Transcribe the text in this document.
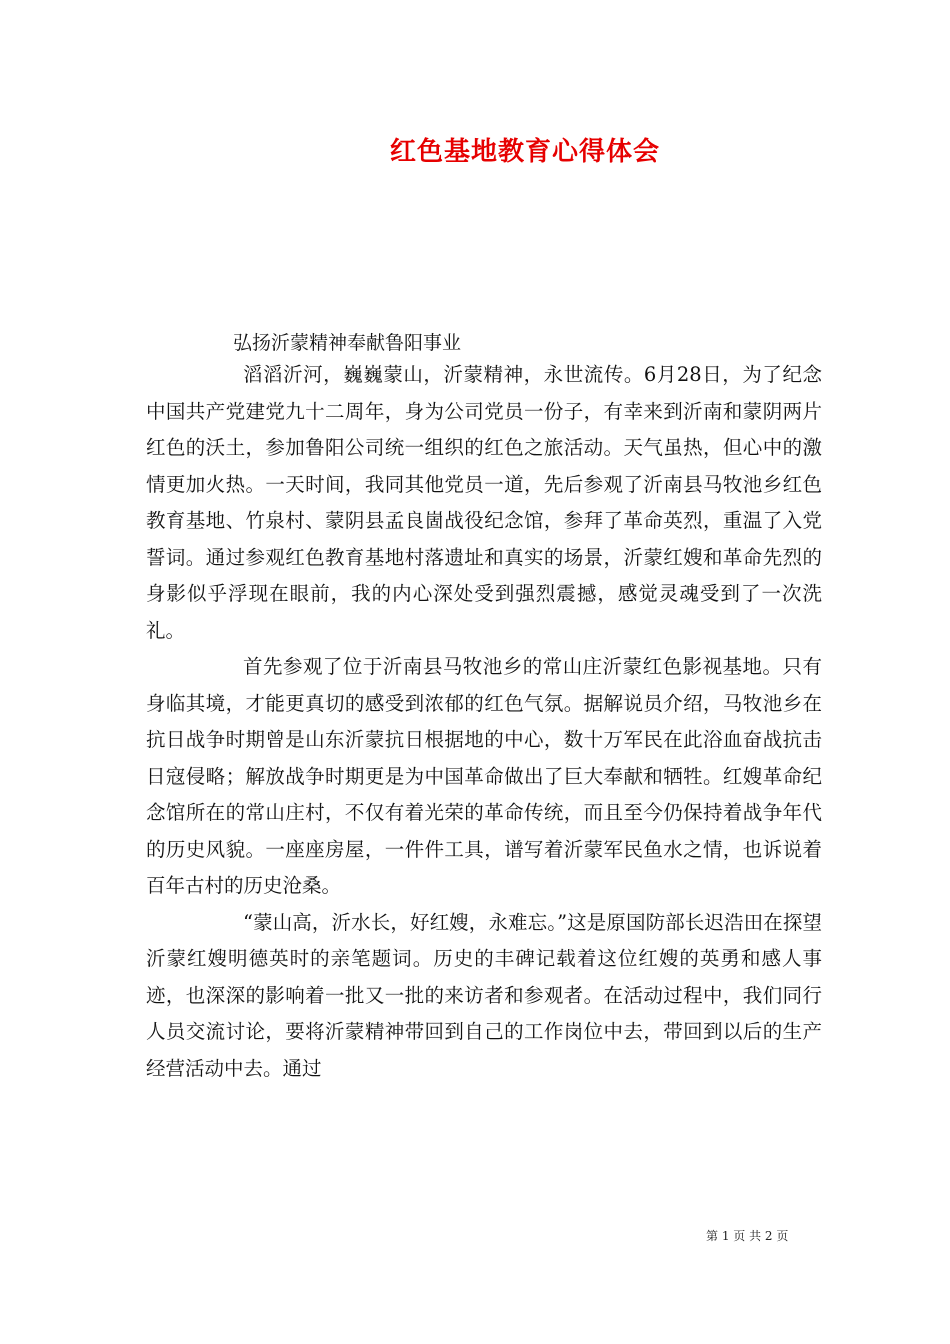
红色基地教育心得体会

弘扬沂蒙精神奉献鲁阳事业

滔滔沂河，巍巍蒙山，沂蒙精神，永世流传。6月28日，为了纪念中国共产党建党九十二周年，身为公司党员一份子，有幸来到沂南和蒙阴两片红色的沃土，参加鲁阳公司统一组织的红色之旅活动。天气虽热，但心中的激情更加火热。一天时间，我同其他党员一道，先后参观了沂南县马牧池乡红色教育基地、竹泉村、蒙阴县孟良崮战役纪念馆，参拜了革命英烈，重温了入党誓词。通过参观红色教育基地村落遗址和真实的场景，沂蒙红嫂和革命先烈的身影似乎浮现在眼前，我的内心深处受到强烈震撼，感觉灵魂受到了一次洗礼。

首先参观了位于沂南县马牧池乡的常山庄沂蒙红色影视基地。只有身临其境，才能更真切的感受到浓郁的红色气氛。据解说员介绍，马牧池乡在抗日战争时期曾是山东沂蒙抗日根据地的中心，数十万军民在此浴血奋战抗击日寇侵略；解放战争时期更是为中国革命做出了巨大奉献和牺牲。红嫂革命纪念馆所在的常山庄村，不仅有着光荣的革命传统，而且至今仍保持着战争年代的历史风貌。一座座房屋，一件件工具，谱写着沂蒙军民鱼水之情，也诉说着百年古村的历史沧桑。

“蒙山高，沂水长，好红嫂，永难忘。”这是原国防部长迟浩田在探望沂蒙红嫂明德英时的亲笔题词。历史的丰碑记载着这位红嫂的英勇和感人事迹，也深深的影响着一批又一批的来访者和参观者。在活动过程中，我们同行人员交流讨论，要将沂蒙精神带回到自己的工作岗位中去，带回到以后的生产经营活动中去。通过

第 1 页 共 2 页
